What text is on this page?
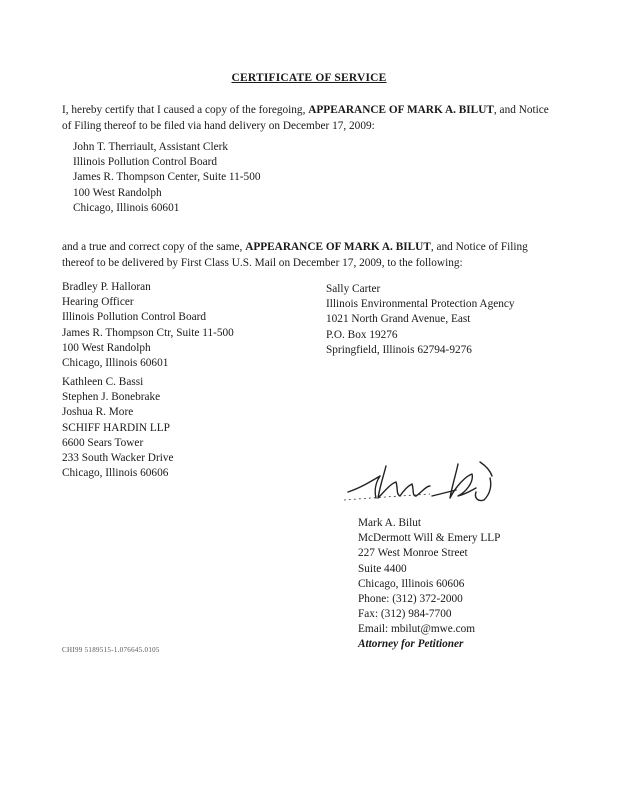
CERTIFICATE OF SERVICE
I, hereby certify that I caused a copy of the foregoing, APPEARANCE OF MARK A. BILUT, and Notice of Filing thereof to be filed via hand delivery on December 17, 2009:
John T. Therriault, Assistant Clerk
Illinois Pollution Control Board
James R. Thompson Center, Suite 11-500
100 West Randolph
Chicago, Illinois 60601
and a true and correct copy of the same, APPEARANCE OF MARK A. BILUT, and Notice of Filing thereof to be delivered by First Class U.S. Mail on December 17, 2009, to the following:
Bradley P. Halloran
Hearing Officer
Illinois Pollution Control Board
James R. Thompson Ctr, Suite 11-500
100 West Randolph
Chicago, Illinois 60601
Sally Carter
Illinois Environmental Protection Agency
1021 North Grand Avenue, East
P.O. Box 19276
Springfield, Illinois 62794-9276
Kathleen C. Bassi
Stephen J. Bonebrake
Joshua R. More
SCHIFF HARDIN LLP
6600 Sears Tower
233 South Wacker Drive
Chicago, Illinois 60606
Mark A. Bilut
McDermott Will & Emery LLP
227 West Monroe Street
Suite 4400
Chicago, Illinois 60606
Phone: (312) 372-2000
Fax: (312) 984-7700
Email: mbilut@mwe.com
Attorney for Petitioner
CHI99 5189515-1.076645.0105
